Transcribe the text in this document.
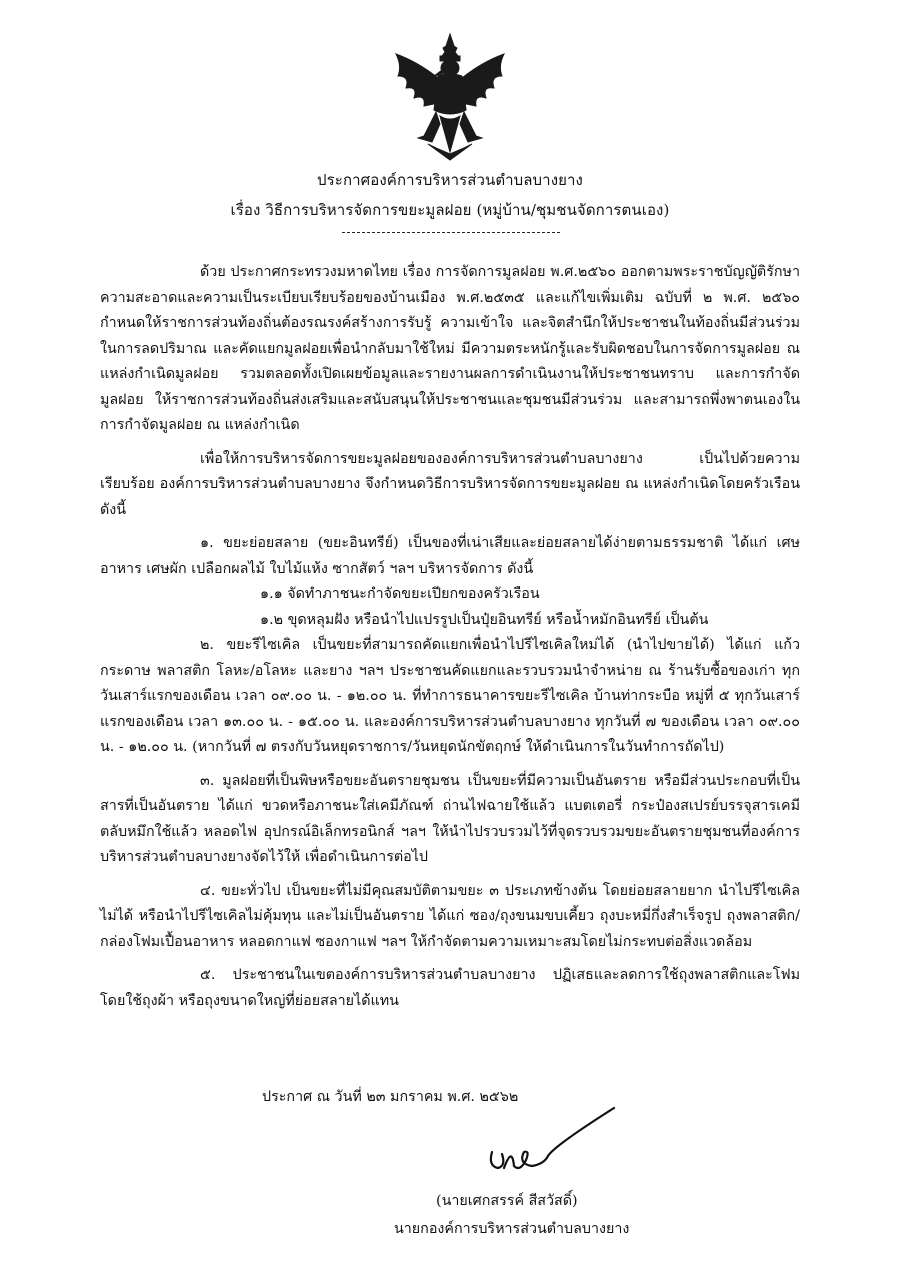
ประกาศองค์การบริหารส่วนตำบลบางยาง
เรื่อง วิธีการบริหารจัดการขยะมูลฝอย (หมู่บ้าน/ชุมชนจัดการตนเอง)

ด้วย ประกาศกระทรวงมหาดไทย เรื่อง การจัดการมูลฝอย พ.ศ.๒๕๖๐ ออกตามพระราชบัญญัติรักษาความสะอาดและความเป็นระเบียบเรียบร้อยของบ้านเมือง พ.ศ.๒๕๓๕ และแก้ไขเพิ่มเติม ฉบับที่ ๒ พ.ศ. ๒๕๖๐ กำหนดให้ราชการส่วนท้องถิ่นต้องรณรงค์สร้างการรับรู้ ความเข้าใจ และจิตสำนึกให้ประชาชนในท้องถิ่นมีส่วนร่วมในการลดปริมาณ และคัดแยกมูลฝอยเพื่อนำกลับมาใช้ใหม่ มีความตระหนักรู้และรับผิดชอบในการจัดการมูลฝอย ณ แหล่งกำเนิดมูลฝอย รวมตลอดทั้งเปิดเผยข้อมูลและรายงานผลการดำเนินงานให้ประชาชนทราบ และการกำจัดมูลฝอย ให้ราชการส่วนท้องถิ่นส่งเสริมและสนับสนุนให้ประชาชนและชุมชนมีส่วนร่วม และสามารถพึ่งพาตนเองในการกำจัดมูลฝอย ณ แหล่งกำเนิด

เพื่อให้การบริหารจัดการขยะมูลฝอยขององค์การบริหารส่วนตำบลบางยาง เป็นไปด้วยความเรียบร้อย องค์การบริหารส่วนตำบลบางยาง จึงกำหนดวิธีการบริหารจัดการขยะมูลฝอย ณ แหล่งกำเนิดโดยครัวเรือน ดังนี้

๑. ขยะย่อยสลาย (ขยะอินทรีย์) เป็นของที่เน่าเสียและย่อยสลายได้ง่ายตามธรรมชาติ ได้แก่ เศษอาหาร เศษผัก เปลือกผลไม้ ใบไม้แห้ง ซากสัตว์ ฯลฯ บริหารจัดการ ดังนี้

๑.๑ จัดทำภาชนะกำจัดขยะเปียกของครัวเรือน

๑.๒ ขุดหลุมฝัง หรือนำไปแปรรูปเป็นปุ๋ยอินทรีย์ หรือน้ำหมักอินทรีย์ เป็นต้น

๒. ขยะรีไซเคิล เป็นขยะที่สามารถคัดแยกเพื่อนำไปรีไซเคิลใหม่ได้ (นำไปขายได้) ได้แก่ แก้ว กระดาษ พลาสติก โลหะ/อโลหะ และยาง ฯลฯ ประชาชนคัดแยกและรวบรวมนำจำหน่าย ณ ร้านรับซื้อของเก่า ทุกวันเสาร์แรกของเดือน เวลา ๐๙.๐๐ น. - ๑๒.๐๐ น. ที่ทำการธนาคารขยะรีไซเคิล บ้านท่ากระบือ หมู่ที่ ๕ ทุกวันเสาร์แรกของเดือน เวลา ๑๓.๐๐ น. - ๑๕.๐๐ น. และองค์การบริหารส่วนตำบลบางยาง ทุกวันที่ ๗ ของเดือน เวลา ๐๙.๐๐ น. - ๑๒.๐๐ น. (หากวันที่ ๗ ตรงกับวันหยุดราชการ/วันหยุดนักขัตฤกษ์ ให้ดำเนินการในวันทำการถัดไป)

๓. มูลฝอยที่เป็นพิษหรือขยะอันตรายชุมชน เป็นขยะที่มีความเป็นอันตราย หรือมีส่วนประกอบที่เป็นสารที่เป็นอันตราย ได้แก่ ขวดหรือภาชนะใส่เคมีภัณฑ์ ถ่านไฟฉายใช้แล้ว แบตเตอรี่ กระป๋องสเปรย์บรรจุสารเคมี ตลับหมึกใช้แล้ว หลอดไฟ อุปกรณ์อิเล็กทรอนิกส์ ฯลฯ ให้นำไปรวบรวมไว้ที่จุดรวบรวมขยะอันตรายชุมชนที่องค์การบริหารส่วนตำบลบางยางจัดไว้ให้ เพื่อดำเนินการต่อไป

๔. ขยะทั่วไป เป็นขยะที่ไม่มีคุณสมบัติตามขยะ ๓ ประเภทข้างต้น โดยย่อยสลายยาก นำไปรีไซเคิลไม่ได้ หรือนำไปรีไซเคิลไม่คุ้มทุน และไม่เป็นอันตราย ได้แก่ ซอง/ถุงขนมขบเคี้ยว ถุงบะหมี่กึ่งสำเร็จรูป ถุงพลาสติก/กล่องโฟมเปื้อนอาหาร หลอดกาแฟ ซองกาแฟ ฯลฯ ให้กำจัดตามความเหมาะสมโดยไม่กระทบต่อสิ่งแวดล้อม

๕. ประชาชนในเขตองค์การบริหารส่วนตำบลบางยาง ปฏิเสธและลดการใช้ถุงพลาสติกและโฟม โดยใช้ถุงผ้า หรือถุงขนาดใหญ่ที่ย่อยสลายได้แทน

ประกาศ ณ วันที่ ๒๓ มกราคม พ.ศ. ๒๕๖๒
(นายเศกสรรค์ สีสวัสดิ์)
นายกองค์การบริหารส่วนตำบลบางยาง
